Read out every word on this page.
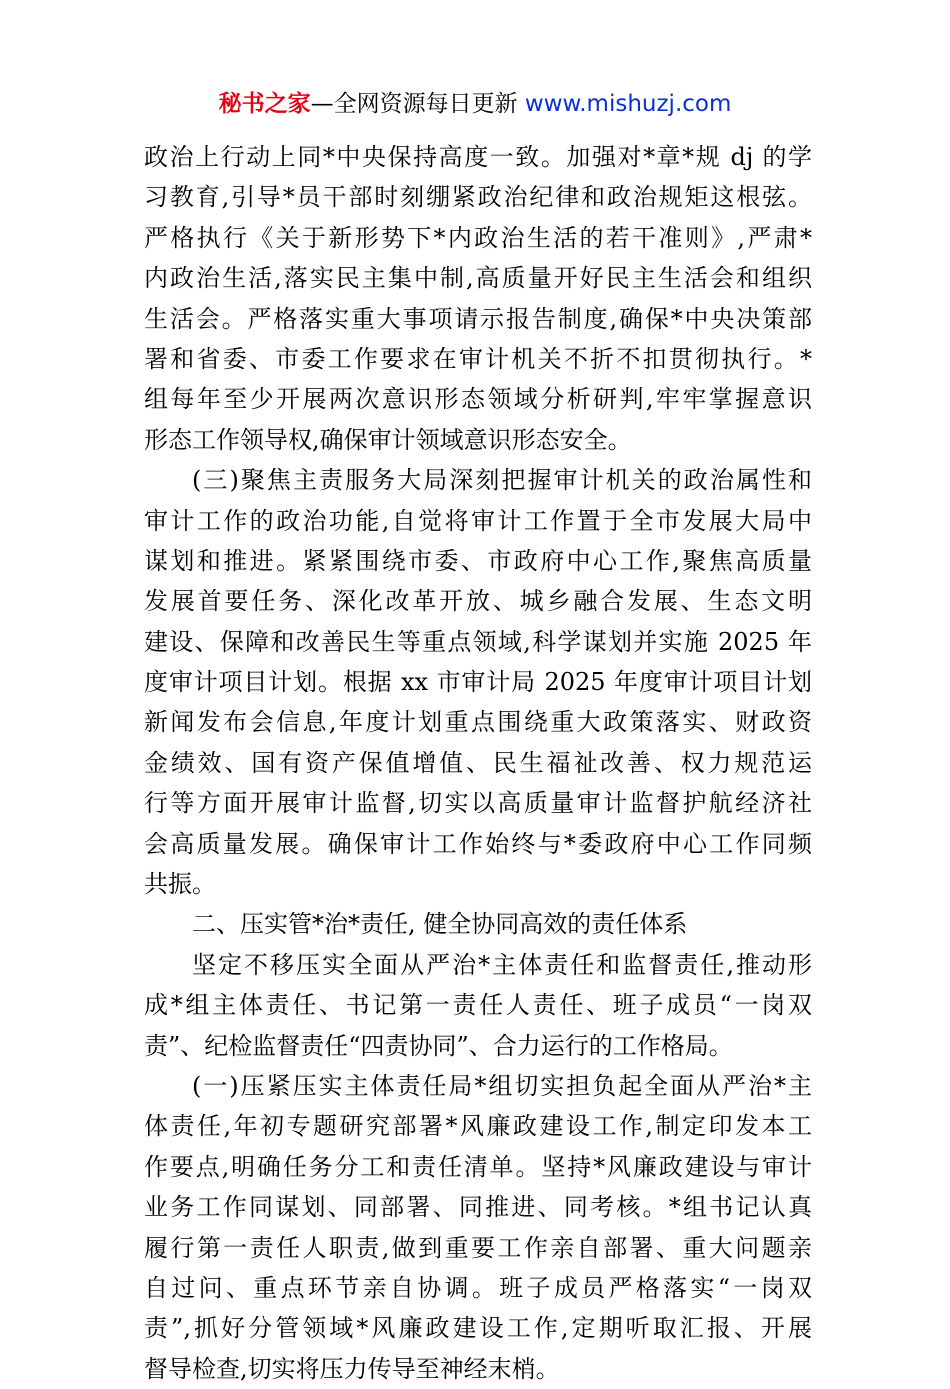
秘书之家—全网资源每日更新 www.mishuzj.com
政治上行动上同*中央保持高度一致。加强对*章*规 dj 的学
习教育,引导*员干部时刻绷紧政治纪律和政治规矩这根弦。
严格执行《关于新形势下*内政治生活的若干准则》,严肃*
内政治生活,落实民主集中制,高质量开好民主生活会和组织
生活会。严格落实重大事项请示报告制度,确保*中央决策部
署和省委、市委工作要求在审计机关不折不扣贯彻执行。*
组每年至少开展两次意识形态领域分析研判,牢牢掌握意识
形态工作领导权,确保审计领域意识形态安全。
(三)聚焦主责服务大局深刻把握审计机关的政治属性和
审计工作的政治功能,自觉将审计工作置于全市发展大局中
谋划和推进。紧紧围绕市委、市政府中心工作,聚焦高质量
发展首要任务、深化改革开放、城乡融合发展、生态文明
建设、保障和改善民生等重点领域,科学谋划并实施 2025 年
度审计项目计划。根据 xx 市审计局 2025 年度审计项目计划
新闻发布会信息,年度计划重点围绕重大政策落实、财政资
金绩效、国有资产保值增值、民生福祉改善、权力规范运
行等方面开展审计监督,切实以高质量审计监督护航经济社
会高质量发展。确保审计工作始终与*委政府中心工作同频
共振。
二、压实管*治*责任, 健全协同高效的责任体系
坚定不移压实全面从严治*主体责任和监督责任,推动形
成*组主体责任、书记第一责任人责任、班子成员“一岗双
责”、纪检监督责任“四责协同”、合力运行的工作格局。
(一)压紧压实主体责任局*组切实担负起全面从严治*主
体责任,年初专题研究部署*风廉政建设工作,制定印发本工
作要点,明确任务分工和责任清单。坚持*风廉政建设与审计
业务工作同谋划、同部署、同推进、同考核。*组书记认真
履行第一责任人职责,做到重要工作亲自部署、重大问题亲
自过问、重点环节亲自协调。班子成员严格落实“一岗双
责”,抓好分管领域*风廉政建设工作,定期听取汇报、开展
督导检查,切实将压力传导至神经末梢。
